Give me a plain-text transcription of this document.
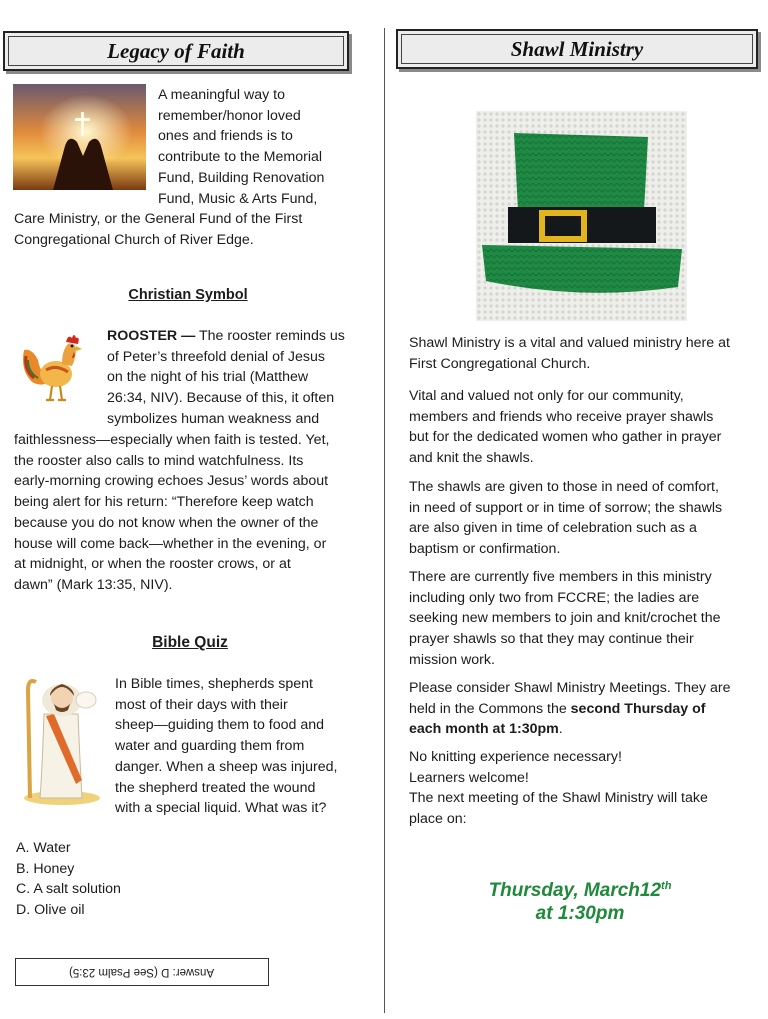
Legacy of Faith

A meaningful way to
remember/honor loved
ones and friends is to
contribute to the Memorial
Fund, Building Renovation
Fund, Music & Arts Fund,

Care Ministry, or the General Fund of the First
Congregational Church of River Edge.

Christian Symbol

ROOSTER — The rooster reminds us
of Peter’s threefold denial of Jesus
on the night of his trial (Matthew
26:34, NIV). Because of this, it often
symbolizes human weakness and

faithlessness—especially when faith is tested. Yet,
the rooster also calls to mind watchfulness. Its
early-morning crowing echoes Jesus’ words about
being alert for his return: “Therefore keep watch
because you do not know when the owner of the
house will come back—whether in the evening, or
at midnight, or when the rooster crows, or at
dawn” (Mark 13:35, NIV).

Bible Quiz

In Bible times, shepherds spent
most of their days with their
sheep—guiding them to food and
water and guarding them from
danger. When a sheep was injured,
the shepherd treated the wound
with a special liquid. What was it?

A. Water
B. Honey
C. A salt solution
D. Olive oil
Answer: D (See Psalm 23:5)
Shawl Ministry

Shawl Ministry is a vital and valued ministry here at
First Congregational Church.

Vital and valued not only for our community,
members and friends who receive prayer shawls
but for the dedicated women who gather in prayer
and knit the shawls.

The shawls are given to those in need of comfort,
in need of support or in time of sorrow; the shawls
are also given in time of celebration such as a
baptism or confirmation.

There are currently five members in this ministry
including only two from FCCRE; the ladies are
seeking new members to join and knit/crochet the
prayer shawls so that they may continue their
mission work.

Please consider Shawl Ministry Meetings. They are
held in the Commons the second Thursday of
each month at 1:30pm.

No knitting experience necessary!
Learners welcome!
The next meeting of the Shawl Ministry will take
place on:

Thursday, March12th
at 1:30pm
